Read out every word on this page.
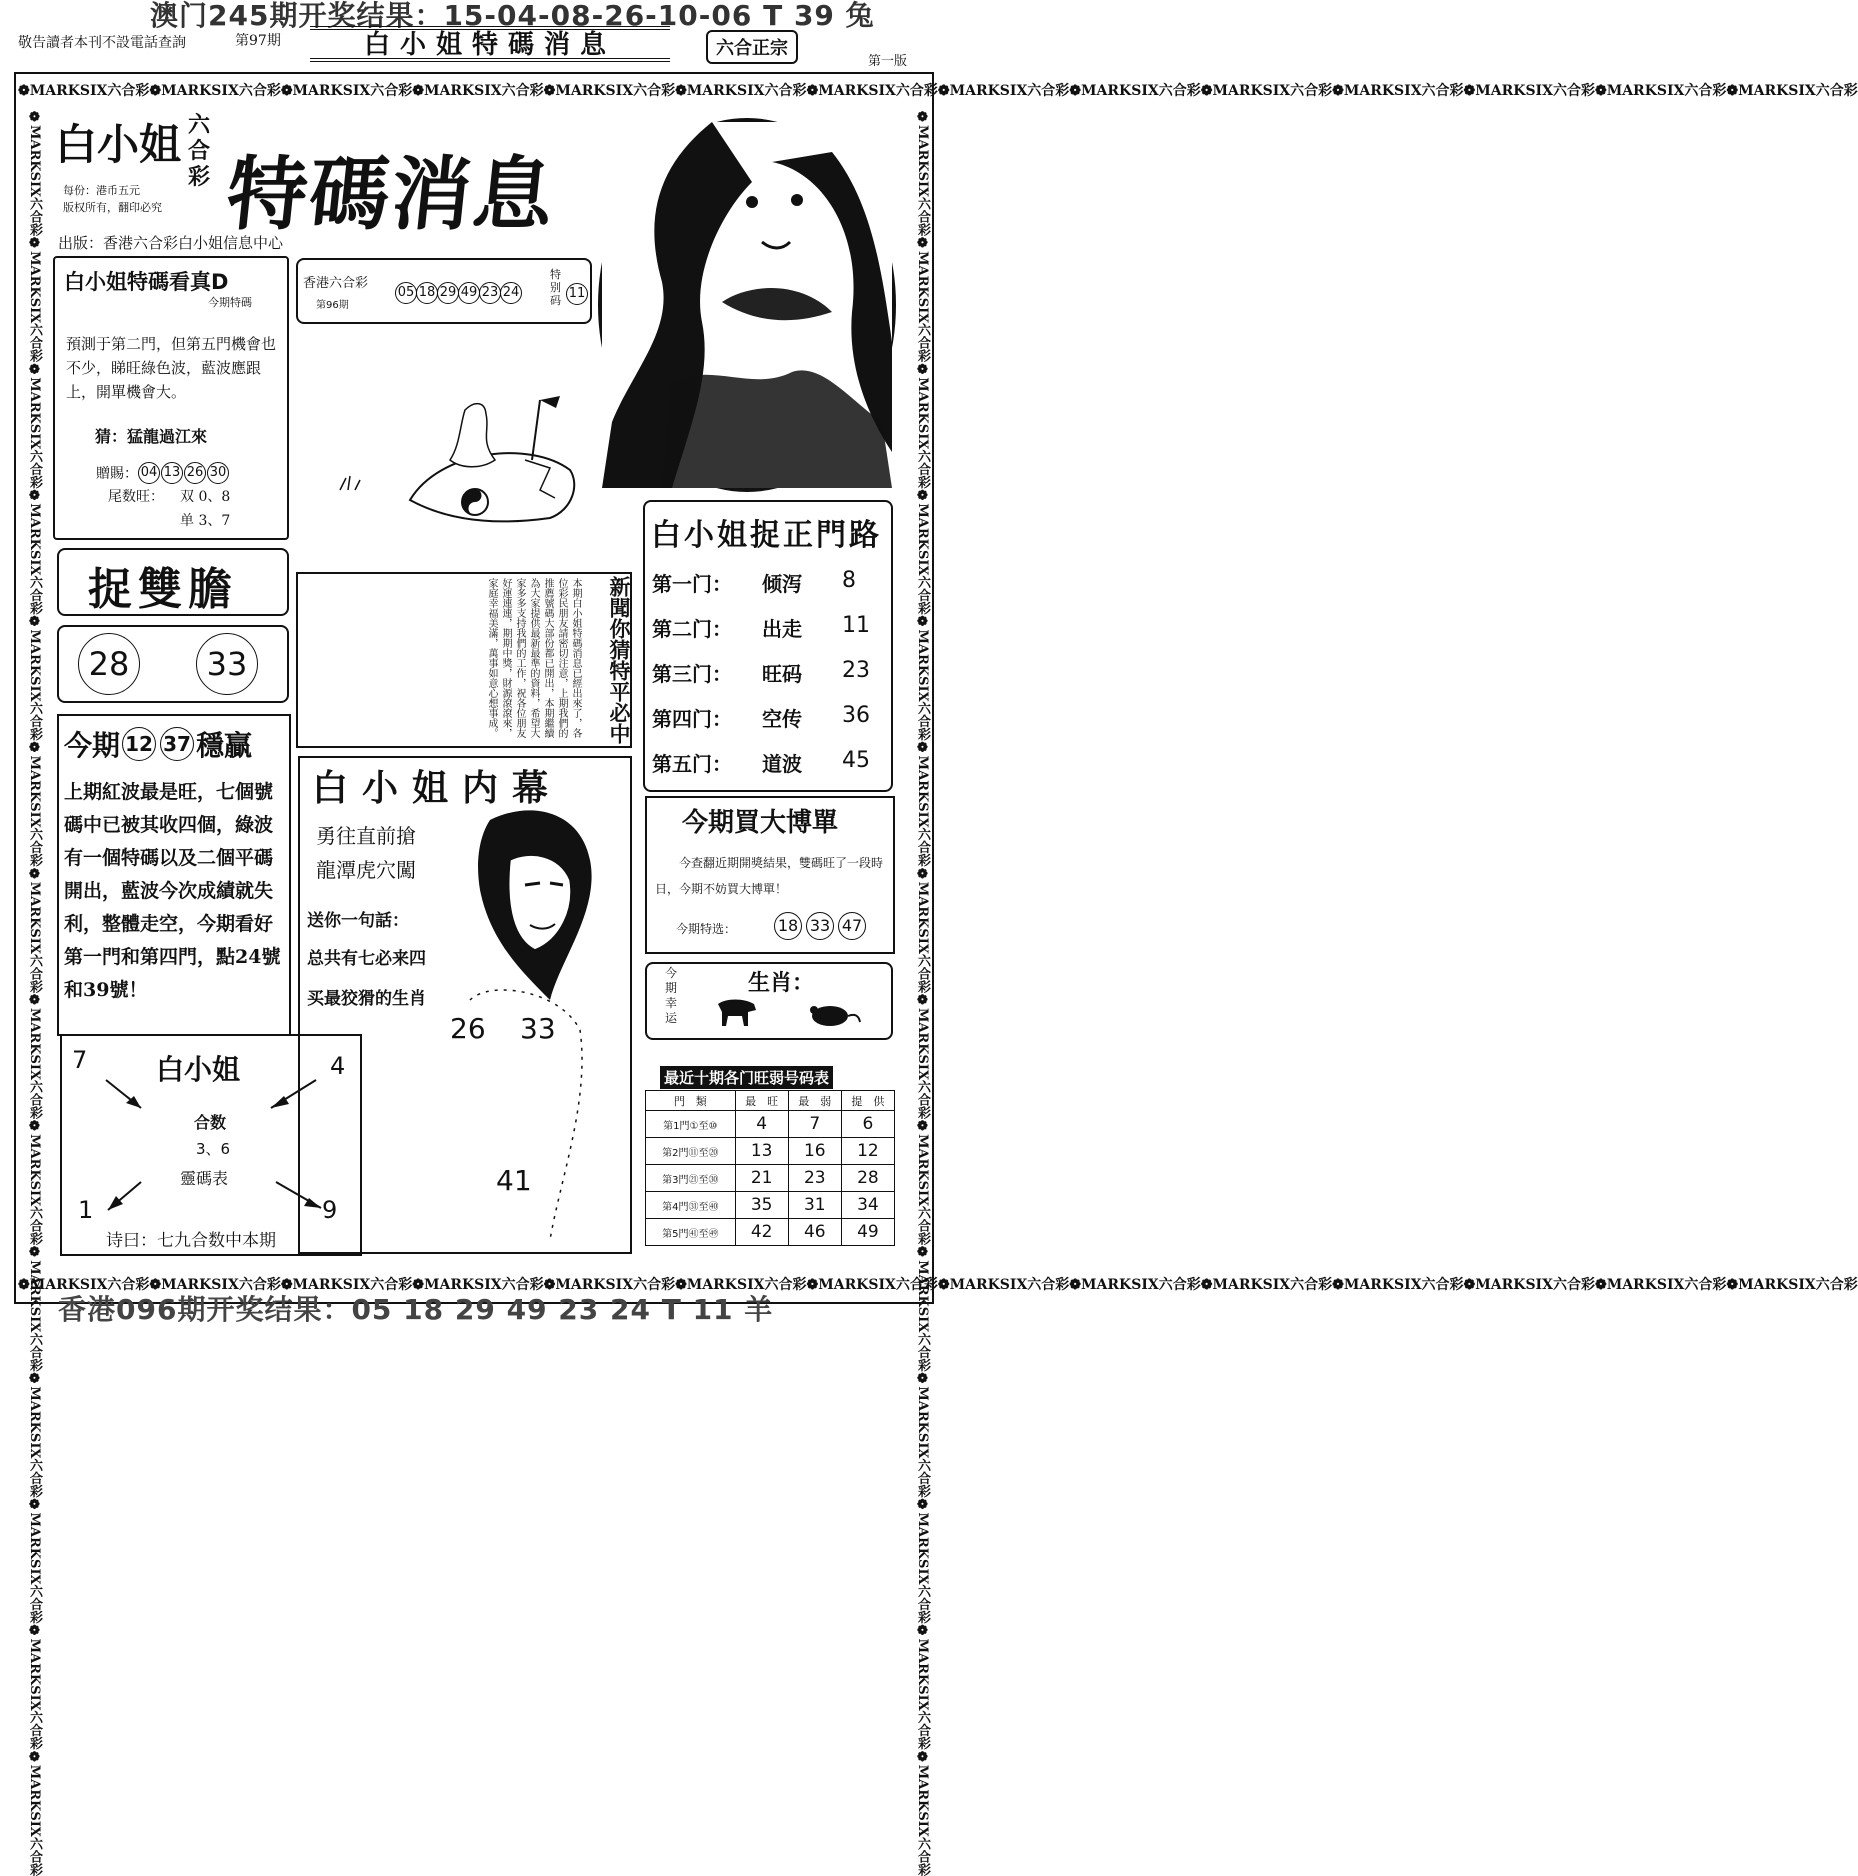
澳门245期开奖结果：15-04-08-26-10-06 T 39 兔
敬告讀者本刊不設電話查詢	第97期	白小姐特碼消息	六合正宗
第一版
❁MARKSIX六合彩❁MARKSIX六合彩❁MARKSIX六合彩❁MARKSIX六合彩❁MARKSIX六合彩❁MARKSIX六合彩❁MARKSIX六合彩❁MARKSIX六合彩❁MARKSIX六合彩❁MARKSIX六合彩❁MARKSIX六合彩❁MARKSIX六合彩❁MARKSIX六合彩❁MARKSIX六合彩
❁MARKSIX六合彩❁MARKSIX六合彩❁MARKSIX六合彩❁MARKSIX六合彩❁MARKSIX六合彩❁MARKSIX六合彩❁MARKSIX六合彩❁MARKSIX六合彩❁MARKSIX六合彩❁MARKSIX六合彩❁MARKSIX六合彩❁MARKSIX六合彩❁MARKSIX六合彩❁MARKSIX六合彩
❁MARKSIX六合彩❁MARKSIX六合彩❁MARKSIX六合彩❁MARKSIX六合彩❁MARKSIX六合彩❁MARKSIX六合彩❁MARKSIX六合彩❁MARKSIX六合彩❁MARKSIX六合彩❁MARKSIX六合彩❁MARKSIX六合彩❁MARKSIX六合彩❁MARKSIX六合彩❁MARKSIX六合彩	❁MARKSIX六合彩❁MARKSIX六合彩❁MARKSIX六合彩❁MARKSIX六合彩❁MARKSIX六合彩❁MARKSIX六合彩❁MARKSIX六合彩❁MARKSIX六合彩❁MARKSIX六合彩❁MARKSIX六合彩❁MARKSIX六合彩❁MARKSIX六合彩❁MARKSIX六合彩❁MARKSIX六合彩
白小姐 六合彩 特碼消息
每份：港币五元
版权所有，翻印必究
出版：香港六合彩白小姐信息中心
白小姐特碼看真D
今期特碼
預測于第二門，但第五門機會也不少，睇旺綠色波，藍波應跟上，開單機會大。
猜：猛龍過江來
贈賜： 04 13 26 30
尾数旺： 双 0、8
单 3、7
香港六合彩
第96期
05 18 29 49 23 24
特别码 11
捉雙膽
28	33	本期白小姐特碼消息已經出來了，各位彩民朋友請密切注意，上期我們的推薦號碼大部份都已開出，本期繼續為大家提供最新最準的資料，希望大家多多支持我們的工作，祝各位朋友好運連連，期期中獎，財源滾滾來，家庭幸福美滿，萬事如意心想事成。	新聞你猜特平必中
白小姐捉正門路
第一门： 倾泻 8
第二门： 出走 11
第三门： 旺码 23
第四门： 空传 36
第五门： 道波 45
今期 12 37 穩贏
上期紅波最是旺，七個號碼中已被其收四個，綠波有一個特碼以及二個平碼開出，藍波今次成績就失利，整體走空，今期看好第一門和第四門，點24號和39號！
白小姐
合数
3、6
靈碼表
7	4
1	9
诗曰：七九合数中本期
白小姐内幕
勇往直前搶
龍潭虎穴闖
送你一句話：
总共有七必来四
买最狡猾的生肖
26 33
41
今期買大博單
今查翻近期開獎結果，雙碼旺了一段時日，今期不妨買大博單！
今期特选：	18 33 47
今期幸运
生肖：
最近十期各门旺弱号码表
門　類	最　旺	最　弱	提　供
第1門①至⑩	4	7	6
第2門⑪至⑳	13	16	12
第3門㉑至㉚	21	23	28
第4門㉛至㊵	35	31	34
第5門㊶至㊾	42	46	49
香港096期开奖结果：05 18 29 49 23 24 T 11 羊
